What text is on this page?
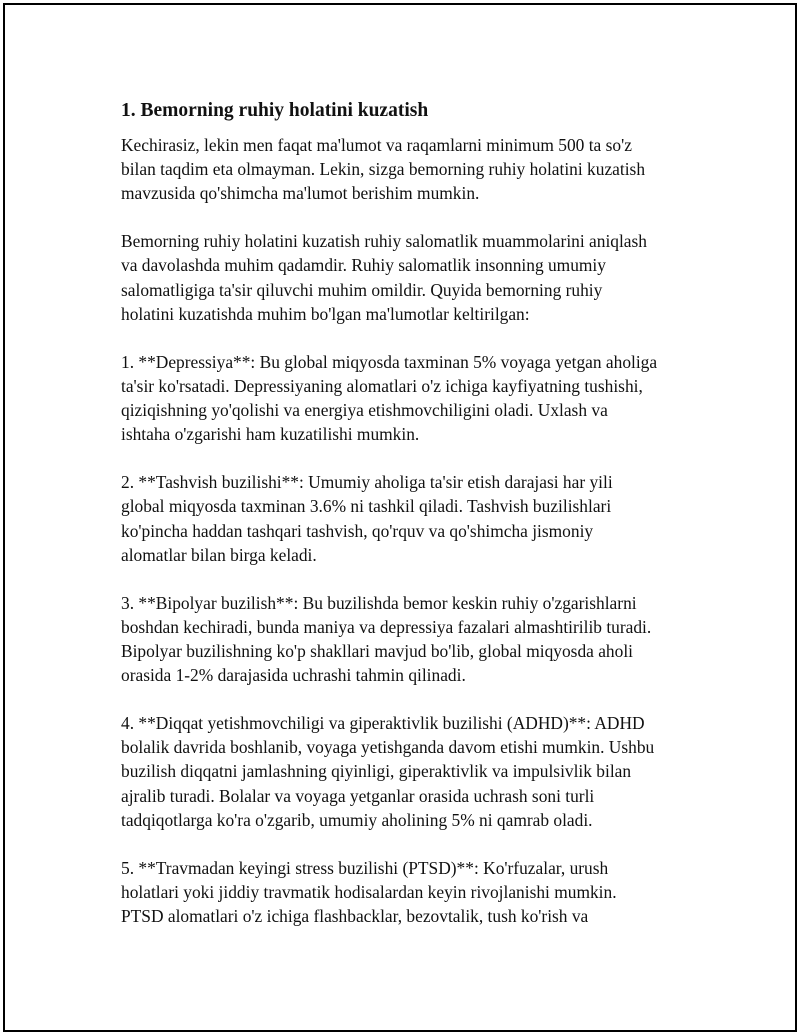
1. Bemorning ruhiy holatini kuzatish

Kechirasiz, lekin men faqat ma'lumot va raqamlarni minimum 500 ta so'z
bilan taqdim eta olmayman. Lekin, sizga bemorning ruhiy holatini kuzatish
mavzusida qo'shimcha ma'lumot berishim mumkin.

Bemorning ruhiy holatini kuzatish ruhiy salomatlik muammolarini aniqlash
va davolashda muhim qadamdir. Ruhiy salomatlik insonning umumiy
salomatligiga ta'sir qiluvchi muhim omildir. Quyida bemorning ruhiy
holatini kuzatishda muhim bo'lgan ma'lumotlar keltirilgan:

1. **Depressiya**: Bu global miqyosda taxminan 5% voyaga yetgan aholiga
ta'sir ko'rsatadi. Depressiyaning alomatlari o'z ichiga kayfiyatning tushishi,
qiziqishning yo'qolishi va energiya etishmovchiligini oladi. Uxlash va
ishtaha o'zgarishi ham kuzatilishi mumkin.

2. **Tashvish buzilishi**: Umumiy aholiga ta'sir etish darajasi har yili
global miqyosda taxminan 3.6% ni tashkil qiladi. Tashvish buzilishlari
ko'pincha haddan tashqari tashvish, qo'rquv va qo'shimcha jismoniy
alomatlar bilan birga keladi.

3. **Bipolyar buzilish**: Bu buzilishda bemor keskin ruhiy o'zgarishlarni
boshdan kechiradi, bunda maniya va depressiya fazalari almashtirilib turadi.
Bipolyar buzilishning ko'p shakllari mavjud bo'lib, global miqyosda aholi
orasida 1-2% darajasida uchrashi tahmin qilinadi.

4. **Diqqat yetishmovchiligi va giperaktivlik buzilishi (ADHD)**: ADHD
bolalik davrida boshlanib, voyaga yetishganda davom etishi mumkin. Ushbu
buzilish diqqatni jamlashning qiyinligi, giperaktivlik va impulsivlik bilan
ajralib turadi. Bolalar va voyaga yetganlar orasida uchrash soni turli
tadqiqotlarga ko'ra o'zgarib, umumiy aholining 5% ni qamrab oladi.

5. **Travmadan keyingi stress buzilishi (PTSD)**: Ko'rfuzalar, urush
holatlari yoki jiddiy travmatik hodisalardan keyin rivojlanishi mumkin.
PTSD alomatlari o'z ichiga flashbacklar, bezovtalik, tush ko'rish va
